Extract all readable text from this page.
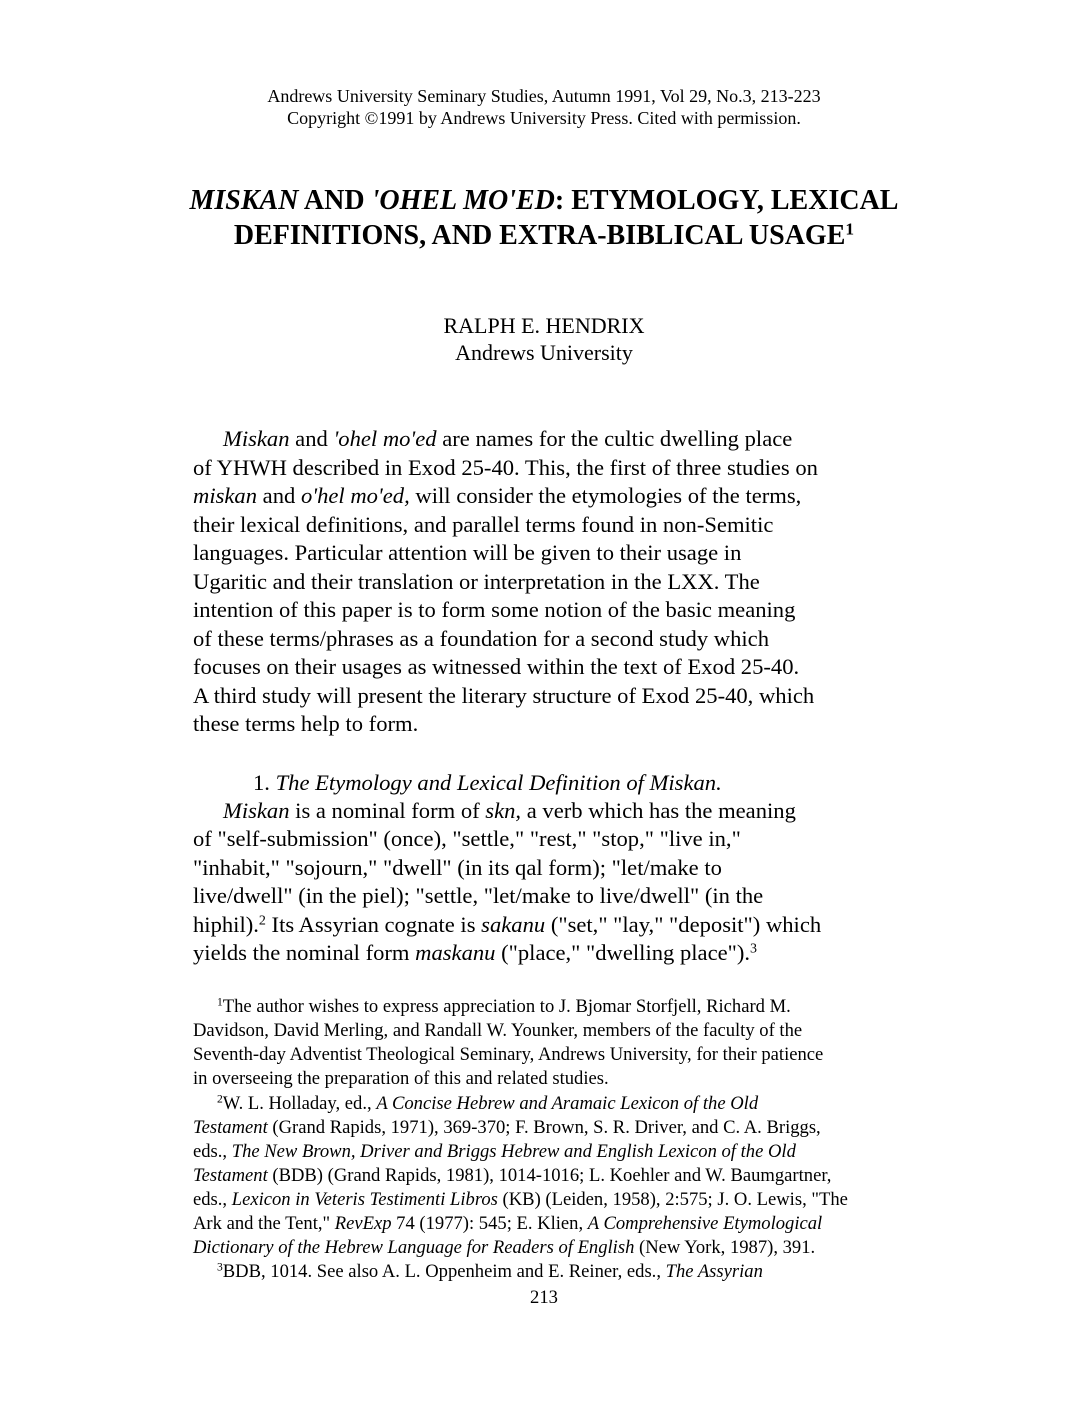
Andrews University Seminary Studies, Autumn 1991, Vol 29, No.3, 213-223
Copyright ©1991 by Andrews University Press. Cited with permission.
MISKAN AND 'OHEL MO'ED: ETYMOLOGY, LEXICAL
DEFINITIONS, AND EXTRA-BIBLICAL USAGE$^1$
RALPH E. HENDRIX
Andrews University
Miskan and 'ohel mo'ed are names for the cultic dwelling place
of YHWH described in Exod 25-40. This, the first of three studies on
miskan and o'hel mo'ed, will consider the etymologies of the terms,
their lexical definitions, and parallel terms found in non-Semitic
languages. Particular attention will be given to their usage in
Ugaritic and their translation or interpretation in the LXX. The
intention of this paper is to form some notion of the basic meaning
of these terms/phrases as a foundation for a second study which
focuses on their usages as witnessed within the text of Exod 25-40.
A third study will present the literary structure of Exod 25-40, which
these terms help to form.
1. The Etymology and Lexical Definition of Miskan.
Miskan is a nominal form of skn, a verb which has the meaning
of "self-submission" (once), "settle," "rest," "stop," "live in,"
"inhabit," "sojourn," "dwell" (in its qal form); "let/make to
live/dwell" (in the piel); "settle, "let/make to live/dwell" (in the
hiphil).$^2$ Its Assyrian cognate is sakanu ("set," "lay," "deposit") which
yields the nominal form maskanu ("place," "dwelling place").$^3$
$^1$The author wishes to express appreciation to J. Bjomar Storfjell, Richard M.
Davidson, David Merling, and Randall W. Younker, members of the faculty of the
Seventh-day Adventist Theological Seminary, Andrews University, for their patience
in overseeing the preparation of this and related studies.
$^2$W. L. Holladay, ed., A Concise Hebrew and Aramaic Lexicon of the Old
Testament (Grand Rapids, 1971), 369-370; F. Brown, S. R. Driver, and C. A. Briggs,
eds., The New Brown, Driver and Briggs Hebrew and English Lexicon of the Old
Testament (BDB) (Grand Rapids, 1981), 1014-1016; L. Koehler and W. Baumgartner,
eds., Lexicon in Veteris Testimenti Libros (KB) (Leiden, 1958), 2:575; J. O. Lewis, "The
Ark and the Tent," RevExp 74 (1977): 545; E. Klien, A Comprehensive Etymological
Dictionary of the Hebrew Language for Readers of English (New York, 1987), 391.
$^3$BDB, 1014. See also A. L. Oppenheim and E. Reiner, eds., The Assyrian
213
